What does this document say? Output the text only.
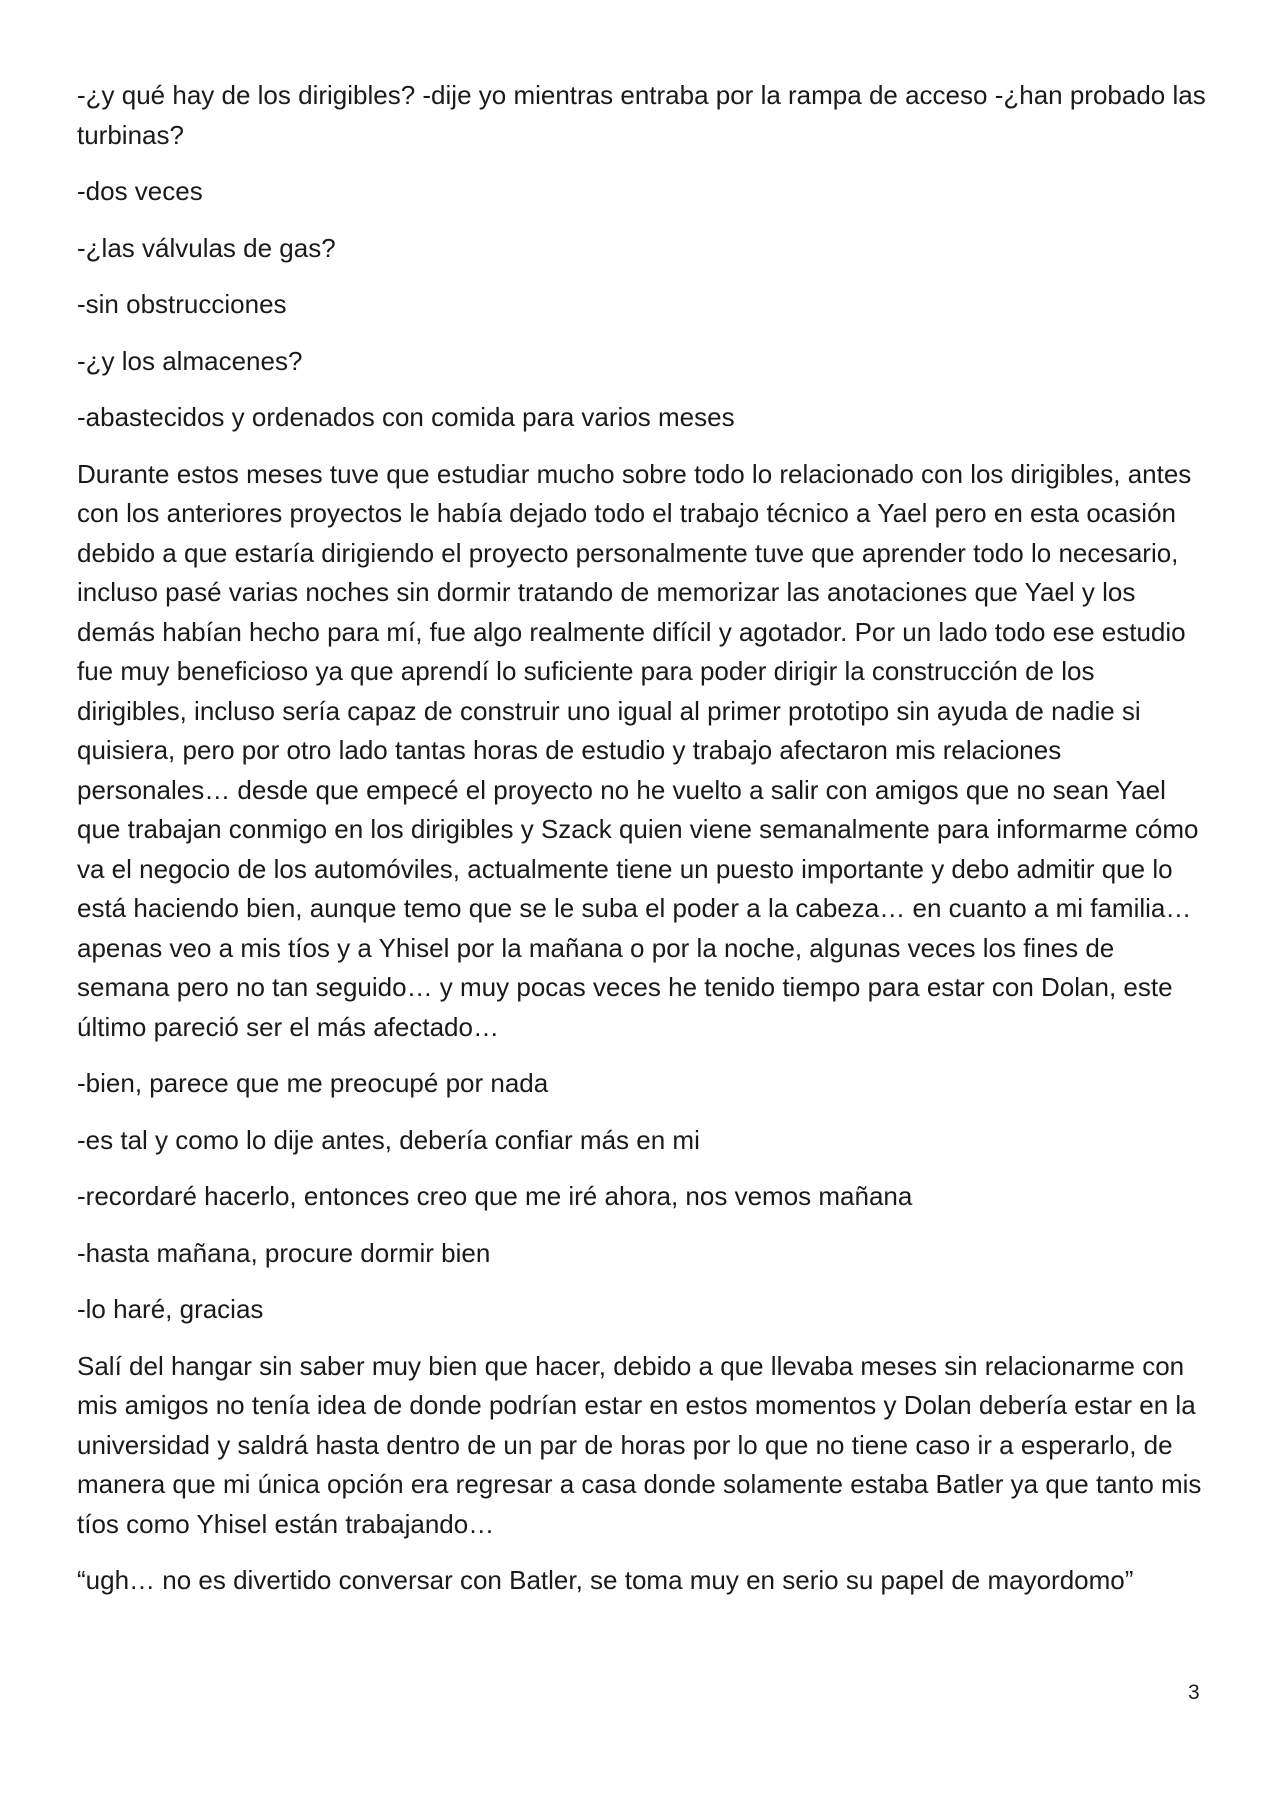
-¿y qué hay de los dirigibles? -dije yo mientras entraba por la rampa de acceso -¿han probado las turbinas?

-dos veces

-¿las válvulas de gas?

-sin obstrucciones

-¿y los almacenes?

-abastecidos y ordenados con comida para varios meses

Durante estos meses tuve que estudiar mucho sobre todo lo relacionado con los dirigibles, antes con los anteriores proyectos le había dejado todo el trabajo técnico a Yael pero en esta ocasión debido a que estaría dirigiendo el proyecto personalmente tuve que aprender todo lo necesario, incluso pasé varias noches sin dormir tratando de memorizar las anotaciones que Yael y los demás habían hecho para mí, fue algo realmente difícil y agotador. Por un lado todo ese estudio fue muy beneficioso ya que aprendí lo suficiente para poder dirigir la construcción de los dirigibles, incluso sería capaz de construir uno igual al primer prototipo sin ayuda de nadie si quisiera, pero por otro lado tantas horas de estudio y trabajo afectaron mis relaciones personales… desde que empecé el proyecto no he vuelto a salir con amigos que no sean Yael que trabajan conmigo en los dirigibles y Szack quien viene semanalmente para informarme cómo va el negocio de los automóviles, actualmente tiene un puesto importante y debo admitir que lo está haciendo bien, aunque temo que se le suba el poder a la cabeza… en cuanto a mi familia… apenas veo a mis tíos y a Yhisel por la mañana o por la noche, algunas veces los fines de semana pero no tan seguido… y muy pocas veces he tenido tiempo para estar con Dolan, este último pareció ser el más afectado…

-bien, parece que me preocupé por nada

-es tal y como lo dije antes, debería confiar más en mi

-recordaré hacerlo, entonces creo que me iré ahora, nos vemos mañana

-hasta mañana, procure dormir bien

-lo haré, gracias

Salí del hangar sin saber muy bien que hacer, debido a que llevaba meses sin relacionarme con mis amigos no tenía idea de donde podrían estar en estos momentos y Dolan debería estar en la universidad y saldrá hasta dentro de un par de horas por lo que no tiene caso ir a esperarlo, de manera que mi única opción era regresar a casa donde solamente estaba Batler ya que tanto mis tíos como Yhisel están trabajando…

“ugh… no es divertido conversar con Batler, se toma muy en serio su papel de mayordomo”

3
